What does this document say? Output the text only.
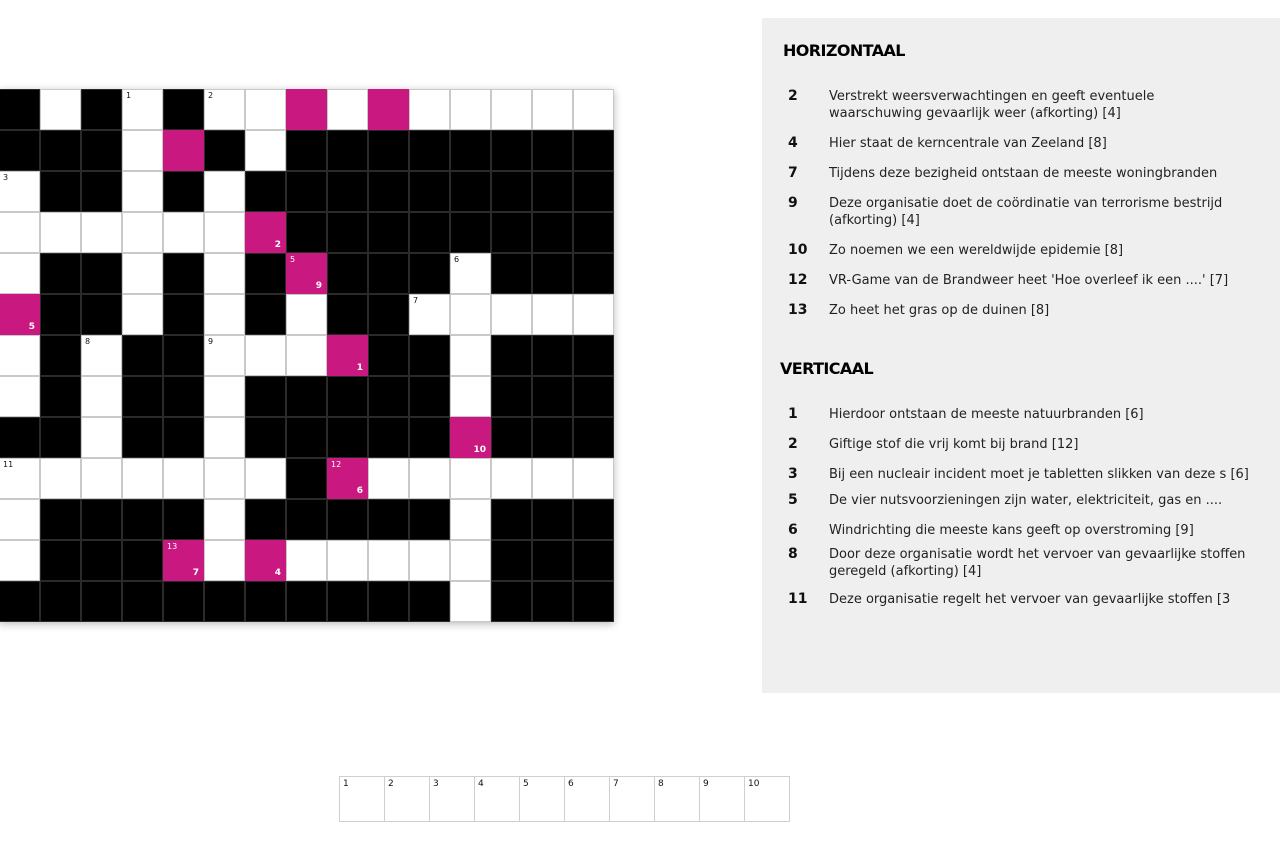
1	2
3
8
3
2
5
9
6
5
7
8	9
1
10
11	12
6
13
7	4
HORIZONTAAL
2	Verstrekt weersverwachtingen en geeft eventuele waarschuwing gevaarlijk weer (afkorting) [4]
4	Hier staat de kerncentrale van Zeeland [8]
7	Tijdens deze bezigheid ontstaan de meeste woningbranden
9	Deze organisatie doet de coördinatie van terrorisme bestrijd (afkorting) [4]
10	Zo noemen we een wereldwijde epidemie [8]
12	VR-Game van de Brandweer heet 'Hoe overleef ik een ....' [7]
13	Zo heet het gras op de duinen [8]
VERTICAAL
1	Hierdoor ontstaan de meeste natuurbranden [6]
2	Giftige stof die vrij komt bij brand [12]
3	Bij een nucleair incident moet je tabletten slikken van deze s [6]
5	De vier nutsvoorzieningen zijn water, elektriciteit, gas en ....
6	Windrichting die meeste kans geeft op overstroming [9]
8	Door deze organisatie wordt het vervoer van gevaarlijke stoffen geregeld (afkorting) [4]
11	Deze organisatie regelt het vervoer van gevaarlijke stoffen [3
1	2	3	4	5	6	7	8	9	10
